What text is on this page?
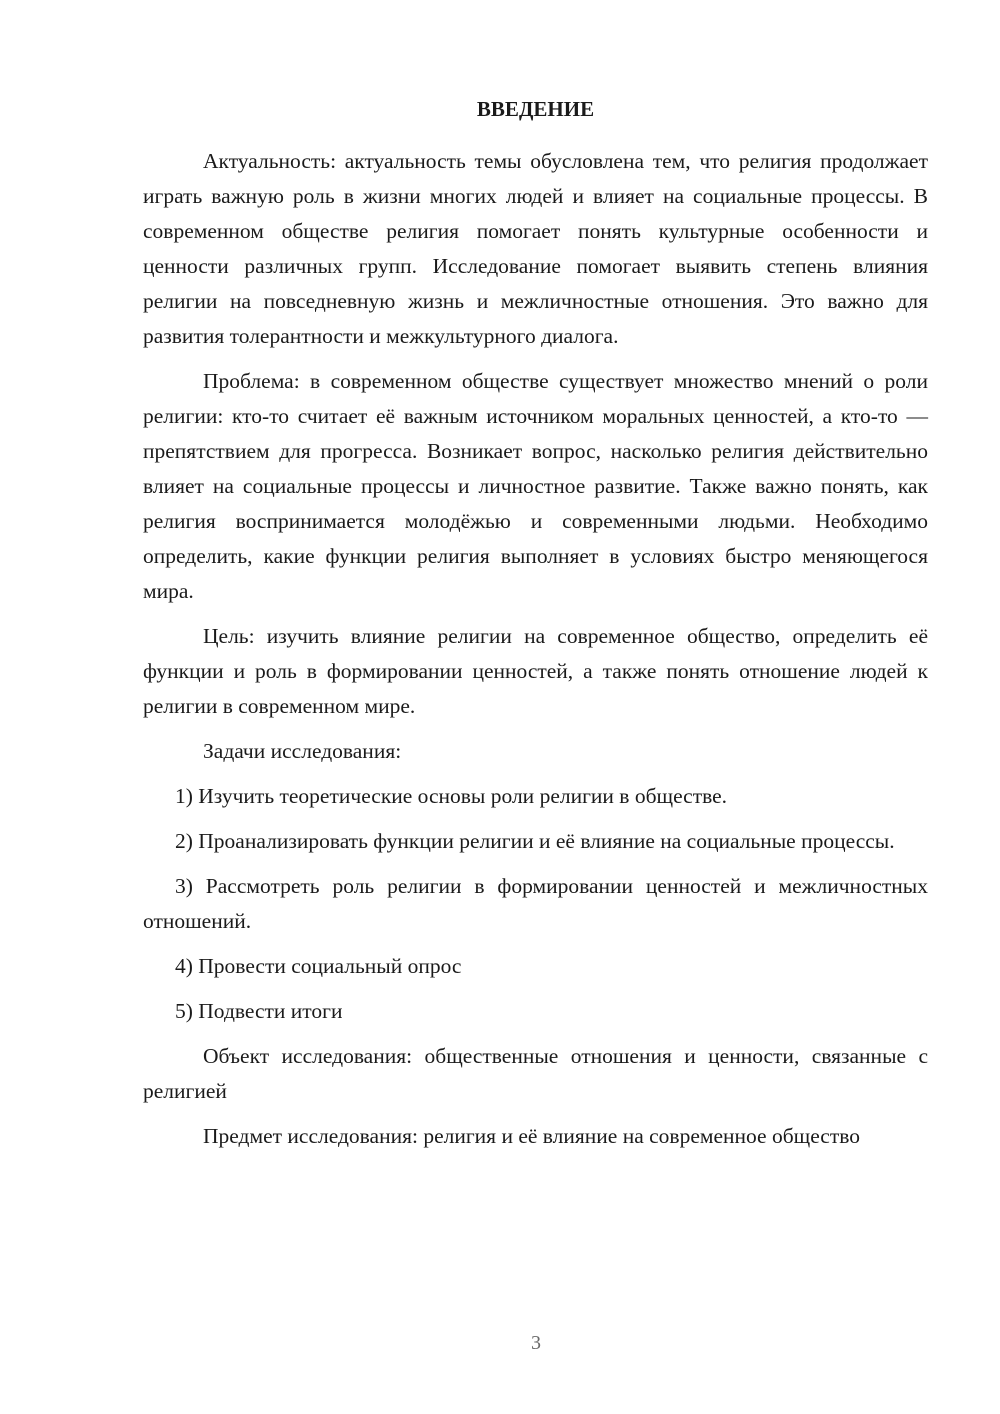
ВВЕДЕНИЕ

Актуальность: актуальность темы обусловлена тем, что религия продолжает играть важную роль в жизни многих людей и влияет на социальные процессы. В современном обществе религия помогает понять культурные особенности и ценности различных групп. Исследование помогает выявить степень влияния религии на повседневную жизнь и межличностные отношения. Это важно для развития толерантности и межкультурного диалога.

Проблема: в современном обществе существует множество мнений о роли религии: кто-то считает её важным источником моральных ценностей, а кто-то — препятствием для прогресса. Возникает вопрос, насколько религия действительно влияет на социальные процессы и личностное развитие. Также важно понять, как религия воспринимается молодёжью и современными людьми. Необходимо определить, какие функции религия выполняет в условиях быстро меняющегося мира.

Цель: изучить влияние религии на современное общество, определить её функции и роль в формировании ценностей, а также понять отношение людей к религии в современном мире.

Задачи исследования:

1) Изучить теоретические основы роли религии в обществе.

2) Проанализировать функции религии и её влияние на социальные процессы.

3) Рассмотреть роль религии в формировании ценностей и межличностных отношений.

4) Провести социальный опрос

5) Подвести итоги

Объект исследования: общественные отношения и ценности, связанные с религией

Предмет исследования: религия и её влияние на современное общество

3
